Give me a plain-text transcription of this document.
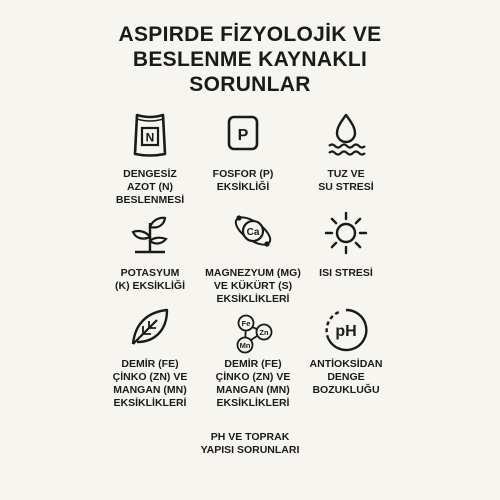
ASPIRDE FİZYOLOJİK VE
BESLENME KAYNAKLI
SORUNLAR
N
DENGESİZ
AZOT (N)
BESLENMESİ
P
FOSFOR (P)
EKSİKLİĞİ
TUZ VE
SU STRESİ
POTASYUM
(K) EKSİKLİĞİ
Ca
MAGNEZYUM (MG)
VE KÜKÜRT (S)
EKSİKLİKLERİ
ISI STRESİ
DEMİR (FE)
ÇİNKO (ZN) VE
MANGAN (MN)
EKSİKLİKLERİ
Fe
Zn
Mn
DEMİR (FE)
ÇİNKO (ZN) VE
MANGAN (MN)
EKSİKLİKLERİ
pH
ANTİOKSİDAN
DENGE
BOZUKLUĞU
PH VE TOPRAK
YAPISI SORUNLARI
